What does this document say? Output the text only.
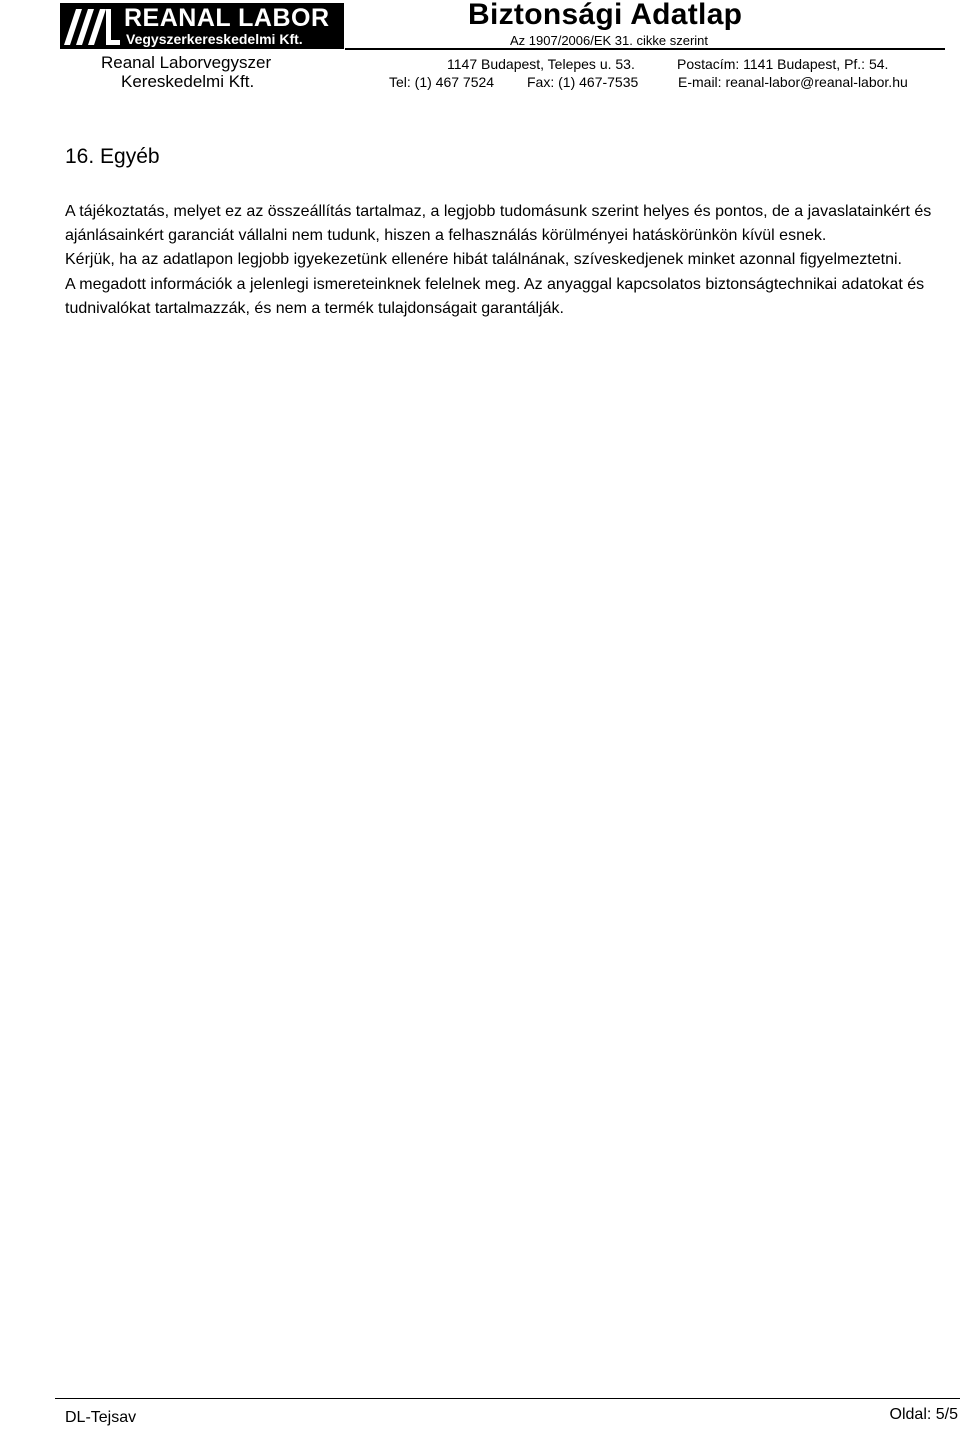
REANAL LABOR
Vegyszerkereskedelmi Kft.
Biztonsági Adatlap
Az 1907/2006/EK 31. cikke szerint
Reanal Laborvegyszer
Kereskedelmi Kft.
1147 Budapest, Telepes u. 53.	Postacím: 1141 Budapest, Pf.: 54.
Tel: (1) 467 7524 Fax: (1) 467-7535	E-mail: reanal-labor@reanal-labor.hu
16. Egyéb

A tájékoztatás, melyet ez az összeállítás tartalmaz, a legjobb tudomásunk szerint helyes és pontos, de a javaslatainkért és ajánlásainkért garanciát vállalni nem tudunk, hiszen a felhasználás körülményei hatáskörünkön kívül esnek.

Kérjük, ha az adatlapon legjobb igyekezetünk ellenére hibát találnának, szíveskedjenek minket azonnal figyelmeztetni.

A megadott információk a jelenlegi ismereteinknek felelnek meg. Az anyaggal kapcsolatos biztonságtechnikai adatokat és tudnivalókat tartalmazzák, és nem a termék tulajdonságait garantálják.

DL-Tejsav	Oldal: 5/5
